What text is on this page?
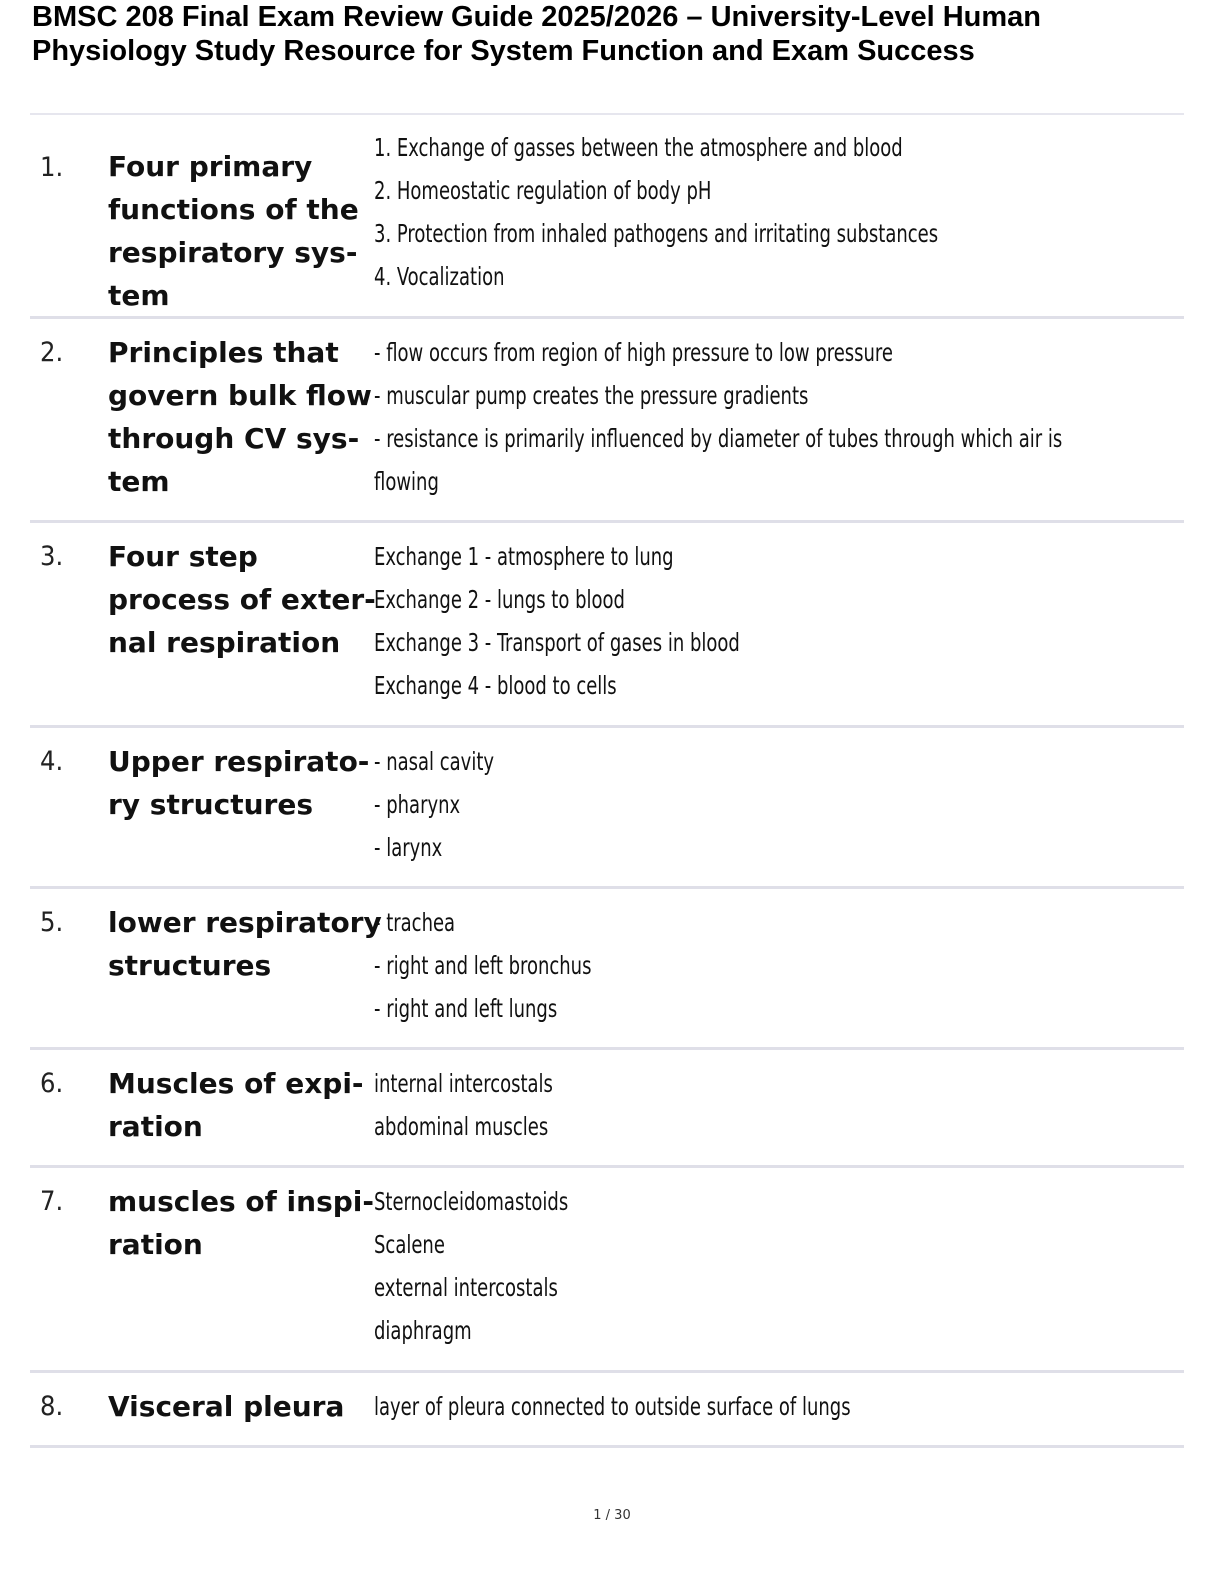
BMSC 208 Final Exam Review Guide 2025/2026 – University-Level Human
Physiology Study Resource for System Function and Exam Success
1. Four primary
functions of the
respiratory sys-
tem
1. Exchange of gasses between the atmosphere and blood
2. Homeostatic regulation of body pH
3. Protection from inhaled pathogens and irritating substances
4. Vocalization
2. Principles that
govern bulk flow
through CV sys-
tem
- flow occurs from region of high pressure to low pressure
- muscular pump creates the pressure gradients
- resistance is primarily influenced by diameter of tubes through which air is
flowing
3. Four step
process of exter-
nal respiration
Exchange 1 - atmosphere to lung
Exchange 2 - lungs to blood
Exchange 3 - Transport of gases in blood
Exchange 4 - blood to cells
4. Upper respirato-
ry structures
- nasal cavity
- pharynx
- larynx
5. lower respiratory
structures
- trachea
- right and left bronchus
- right and left lungs
6. Muscles of expi-
ration
internal intercostals
abdominal muscles
7. muscles of inspi-
ration
Sternocleidomastoids
Scalene
external intercostals
diaphragm
8. Visceral pleura	layer of pleura connected to outside surface of lungs
1 / 30
